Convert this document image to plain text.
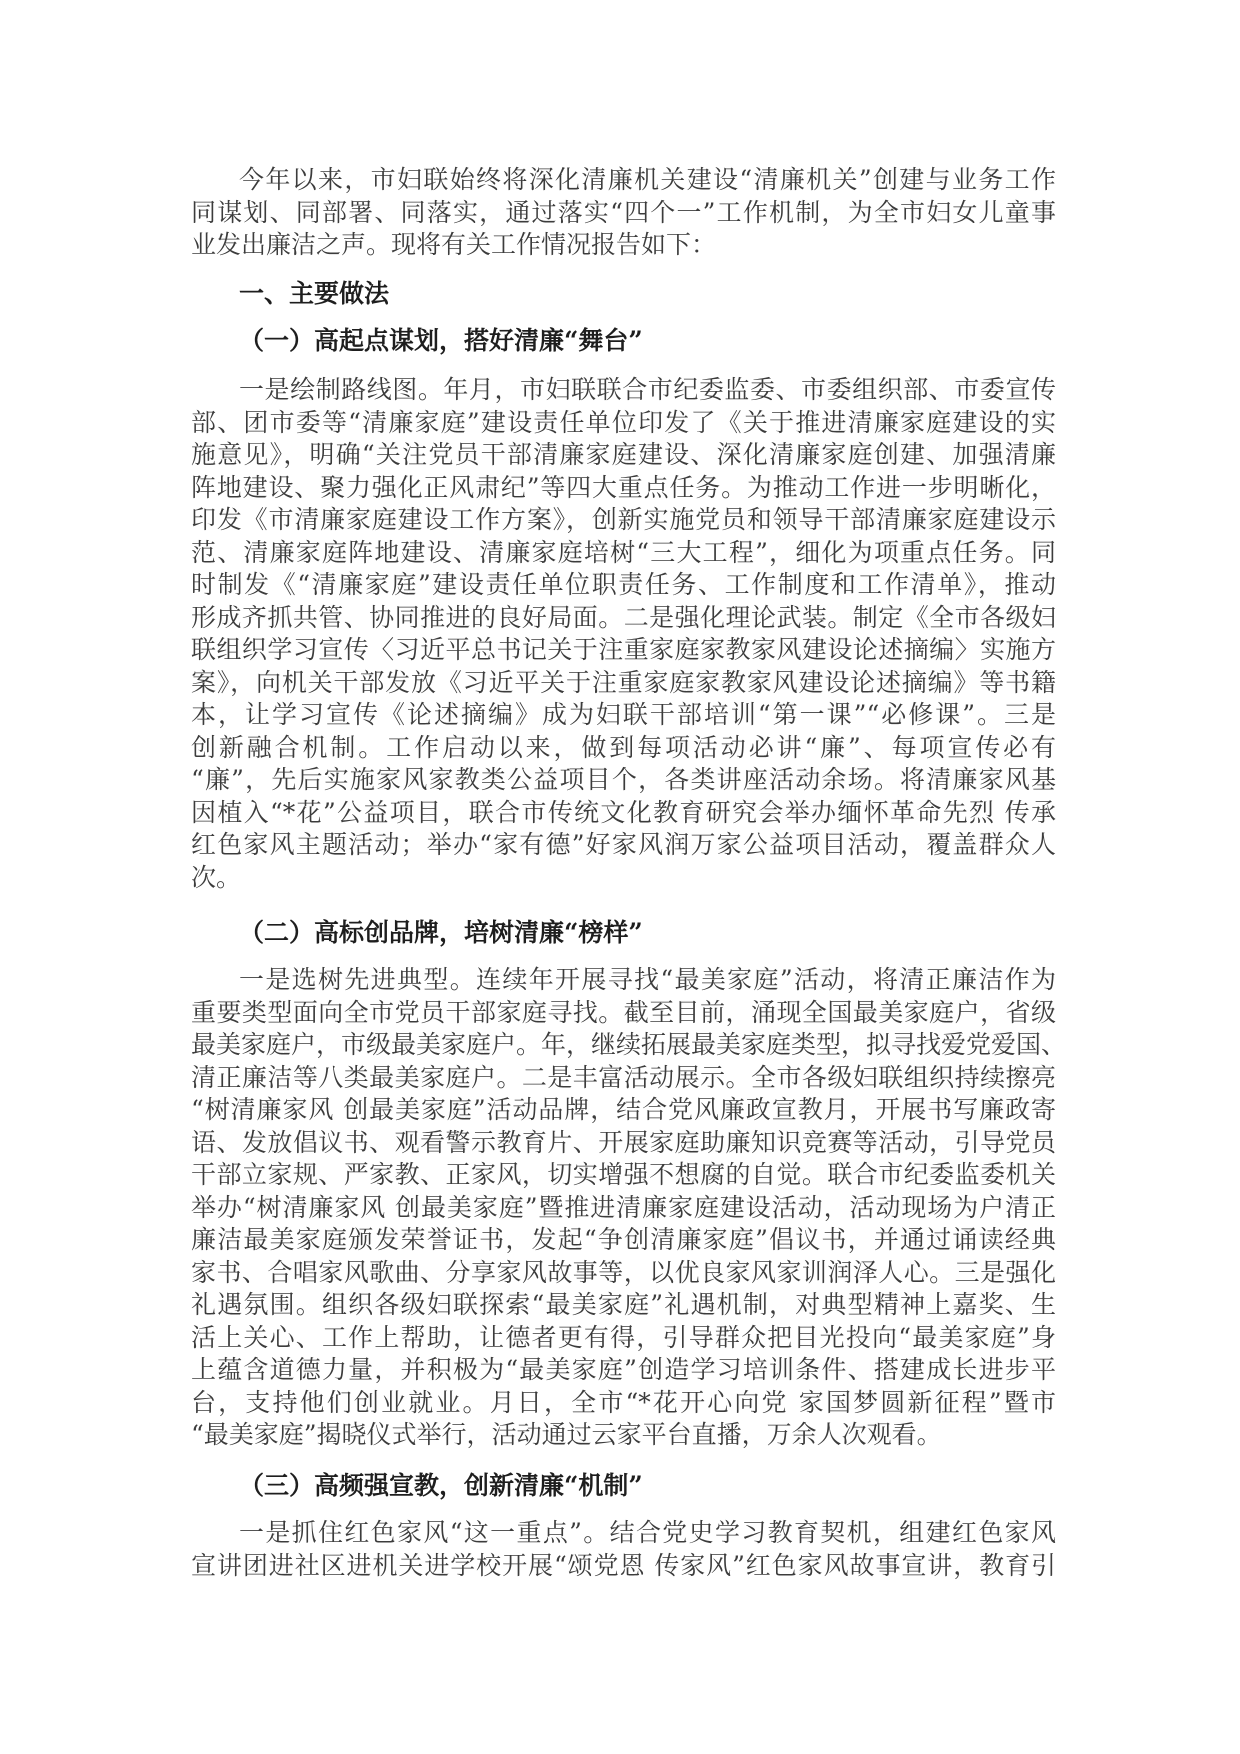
今年以来，市妇联始终将深化清廉机关建设“清廉机关”创建与业务工作
同谋划、同部署、同落实，通过落实“四个一”工作机制，为全市妇女儿童事
业发出廉洁之声。现将有关工作情况报告如下：
一、主要做法
（一）高起点谋划，搭好清廉“舞台”
一是绘制路线图。年月，市妇联联合市纪委监委、市委组织部、市委宣传
部、团市委等“清廉家庭”建设责任单位印发了《关于推进清廉家庭建设的实
施意见》，明确“关注党员干部清廉家庭建设、深化清廉家庭创建、加强清廉
阵地建设、聚力强化正风肃纪”等四大重点任务。为推动工作进一步明晰化，
印发《市清廉家庭建设工作方案》，创新实施党员和领导干部清廉家庭建设示
范、清廉家庭阵地建设、清廉家庭培树“三大工程”，细化为项重点任务。同
时制发《“清廉家庭”建设责任单位职责任务、工作制度和工作清单》，推动
形成齐抓共管、协同推进的良好局面。二是强化理论武装。制定《全市各级妇
联组织学习宣传〈习近平总书记关于注重家庭家教家风建设论述摘编〉实施方
案》，向机关干部发放《习近平关于注重家庭家教家风建设论述摘编》等书籍
本，让学习宣传《论述摘编》成为妇联干部培训“第一课”“必修课”。三是
创新融合机制。工作启动以来，做到每项活动必讲“廉”、每项宣传必有
“廉”，先后实施家风家教类公益项目个，各类讲座活动余场。将清廉家风基
因植入“*花”公益项目，联合市传统文化教育研究会举办缅怀革命先烈 传承
红色家风主题活动；举办“家有德”好家风润万家公益项目活动，覆盖群众人
次。
（二）高标创品牌，培树清廉“榜样”
一是选树先进典型。连续年开展寻找“最美家庭”活动，将清正廉洁作为
重要类型面向全市党员干部家庭寻找。截至目前，涌现全国最美家庭户，省级
最美家庭户，市级最美家庭户。年，继续拓展最美家庭类型，拟寻找爱党爱国、
清正廉洁等八类最美家庭户。二是丰富活动展示。全市各级妇联组织持续擦亮
“树清廉家风 创最美家庭”活动品牌，结合党风廉政宣教月，开展书写廉政寄
语、发放倡议书、观看警示教育片、开展家庭助廉知识竞赛等活动，引导党员
干部立家规、严家教、正家风，切实增强不想腐的自觉。联合市纪委监委机关
举办“树清廉家风 创最美家庭”暨推进清廉家庭建设活动，活动现场为户清正
廉洁最美家庭颁发荣誉证书，发起“争创清廉家庭”倡议书，并通过诵读经典
家书、合唱家风歌曲、分享家风故事等，以优良家风家训润泽人心。三是强化
礼遇氛围。组织各级妇联探索“最美家庭”礼遇机制，对典型精神上嘉奖、生
活上关心、工作上帮助，让德者更有得，引导群众把目光投向“最美家庭”身
上蕴含道德力量，并积极为“最美家庭”创造学习培训条件、搭建成长进步平
台，支持他们创业就业。月日，全市“*花开心向党 家国梦圆新征程”暨市
“最美家庭”揭晓仪式举行，活动通过云家平台直播，万余人次观看。
（三）高频强宣教，创新清廉“机制”
一是抓住红色家风“这一重点”。结合党史学习教育契机，组建红色家风
宣讲团进社区进机关进学校开展“颂党恩 传家风”红色家风故事宣讲，教育引
